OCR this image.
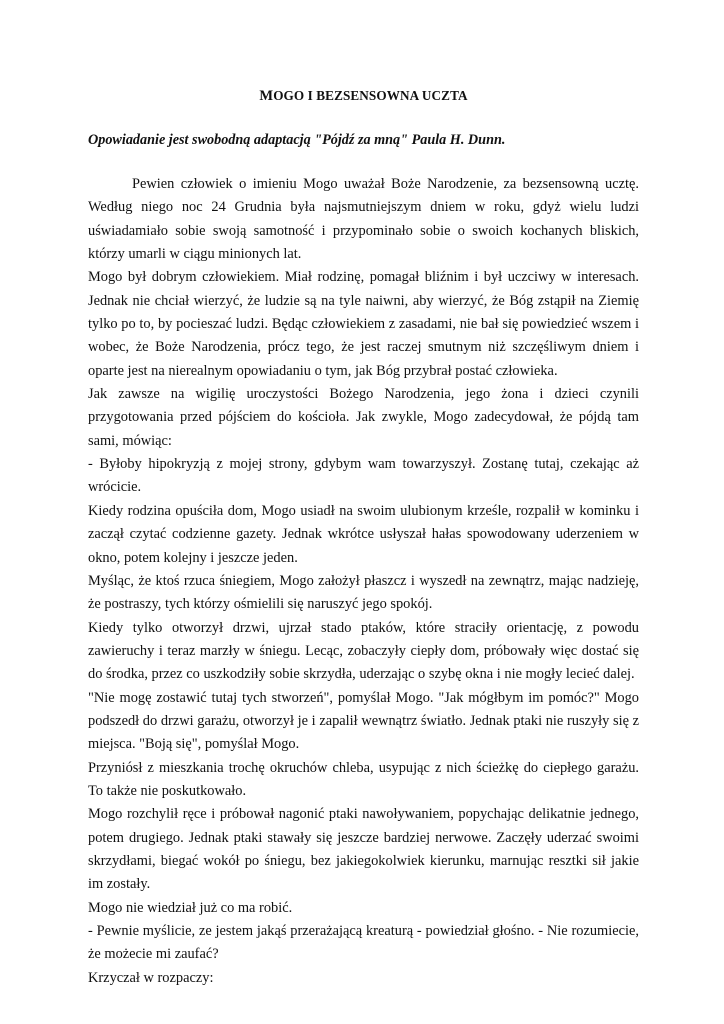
MOGO I BEZSENSOWNA UCZTA

Opowiadanie jest swobodną adaptacją "Pójdź za mną" Paula H. Dunn.

Pewien człowiek o imieniu Mogo uważał Boże Narodzenie, za bezsensowną ucztę. Według niego noc 24 Grudnia była najsmutniejszym dniem w roku, gdyż wielu ludzi uświadamiało sobie swoją samotność i przypominało sobie o swoich kochanych bliskich, którzy umarli w ciągu minionych lat.

Mogo był dobrym człowiekiem. Miał rodzinę, pomagał bliźnim i był uczciwy w interesach. Jednak nie chciał wierzyć, że ludzie są na tyle naiwni, aby wierzyć, że Bóg zstąpił na Ziemię tylko po to, by pocieszać ludzi. Będąc człowiekiem z zasadami, nie bał się powiedzieć wszem i wobec, że Boże Narodzenia, prócz tego, że jest raczej smutnym niż szczęśliwym dniem i oparte jest na nierealnym opowiadaniu o tym, jak Bóg przybrał postać człowieka.

Jak zawsze na wigilię uroczystości Bożego Narodzenia, jego żona i dzieci czynili przygotowania przed pójściem do kościoła. Jak zwykle, Mogo zadecydował, że pójdą tam sami, mówiąc:

- Byłoby hipokryzją z mojej strony, gdybym wam towarzyszył. Zostanę tutaj, czekając aż wrócicie.

Kiedy rodzina opuściła dom, Mogo usiadł na swoim ulubionym krześle, rozpalił w kominku i zaczął czytać codzienne gazety. Jednak wkrótce usłyszał hałas spowodowany uderzeniem w okno, potem kolejny i jeszcze jeden.

Myśląc, że ktoś rzuca śniegiem, Mogo założył płaszcz i wyszedł na zewnątrz, mając nadzieję, że postraszy, tych którzy ośmielili się naruszyć jego spokój.

Kiedy tylko otworzył drzwi, ujrzał stado ptaków, które straciły orientację, z powodu zawieruchy i teraz marzły w śniegu. Lecąc, zobaczyły ciepły dom, próbowały więc dostać się do środka, przez co uszkodziły sobie skrzydła, uderzając o szybę okna i nie mogły lecieć dalej.

"Nie mogę zostawić tutaj tych stworzeń", pomyślał Mogo. "Jak mógłbym im pomóc?" Mogo podszedł do drzwi garażu, otworzył je i zapalił wewnątrz światło. Jednak ptaki nie ruszyły się z miejsca. "Boją się", pomyślał Mogo.

Przyniósł z mieszkania trochę okruchów chleba, usypując z nich ścieżkę do ciepłego garażu. To także nie poskutkowało.

Mogo rozchylił ręce i próbował nagonić ptaki nawoływaniem, popychając delikatnie jednego, potem drugiego. Jednak ptaki stawały się jeszcze bardziej nerwowe. Zaczęły uderzać swoimi skrzydłami, biegać wokół po śniegu, bez jakiegokolwiek kierunku, marnując resztki sił jakie im zostały.

Mogo nie wiedział już co ma robić.

- Pewnie myślicie, ze jestem jakąś przerażającą kreaturą - powiedział głośno. - Nie rozumiecie, że możecie mi zaufać?

Krzyczał w rozpaczy:
